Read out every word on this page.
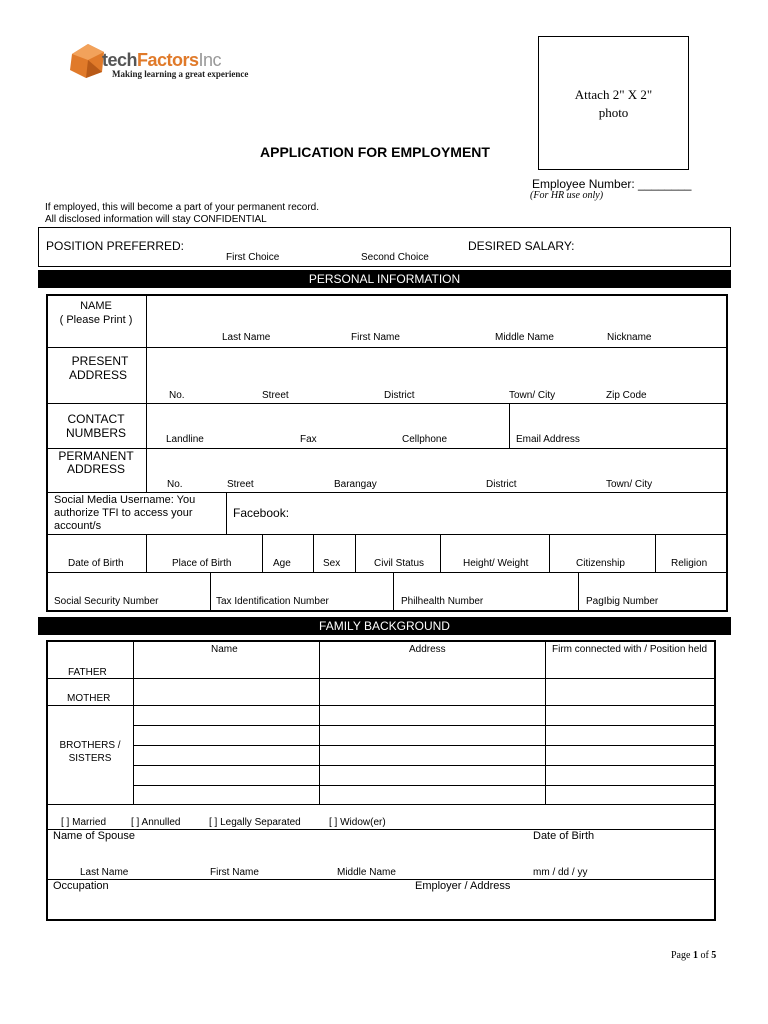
techFactorsInc
Making learning a great experience
Attach 2" X 2"
photo
APPLICATION FOR EMPLOYMENT
Employee Number: ________
(For HR use only)
If employed, this will become a part of your permanent record.
All disclosed information will stay CONFIDENTIAL
POSITION PREFERRED:
First Choice	Second Choice
DESIRED SALARY:
PERSONAL INFORMATION
NAME
( Please Print )
Last Name	First Name	Middle Name	Nickname
PRESENT
ADDRESS
No.	Street	District	Town/ City	Zip Code
CONTACT
NUMBERS	Landline	Fax	Cellphone	Email Address
PERMANENT
ADDRESS
No.	Street	Barangay	District	Town/ City
Social Media Username: You
authorize TFI to access your
account/s
Facebook:
Date of Birth	Place of Birth	Age	Sex	Civil Status	Height/ Weight	Citizenship	Religion
Social Security Number	Tax Identification Number	Philhealth Number	PagIbig Number
FAMILY BACKGROUND
Name	Address	Firm connected with / Position held
FATHER
MOTHER
BROTHERS /
SISTERS
[ ] Married [ ] Annulled	[ ] Legally Separated	[ ] Widow(er)
Name of Spouse	Date of Birth
Last Name	First Name	Middle Name	mm / dd / yy
Occupation	Employer / Address
Page 1 of 5
